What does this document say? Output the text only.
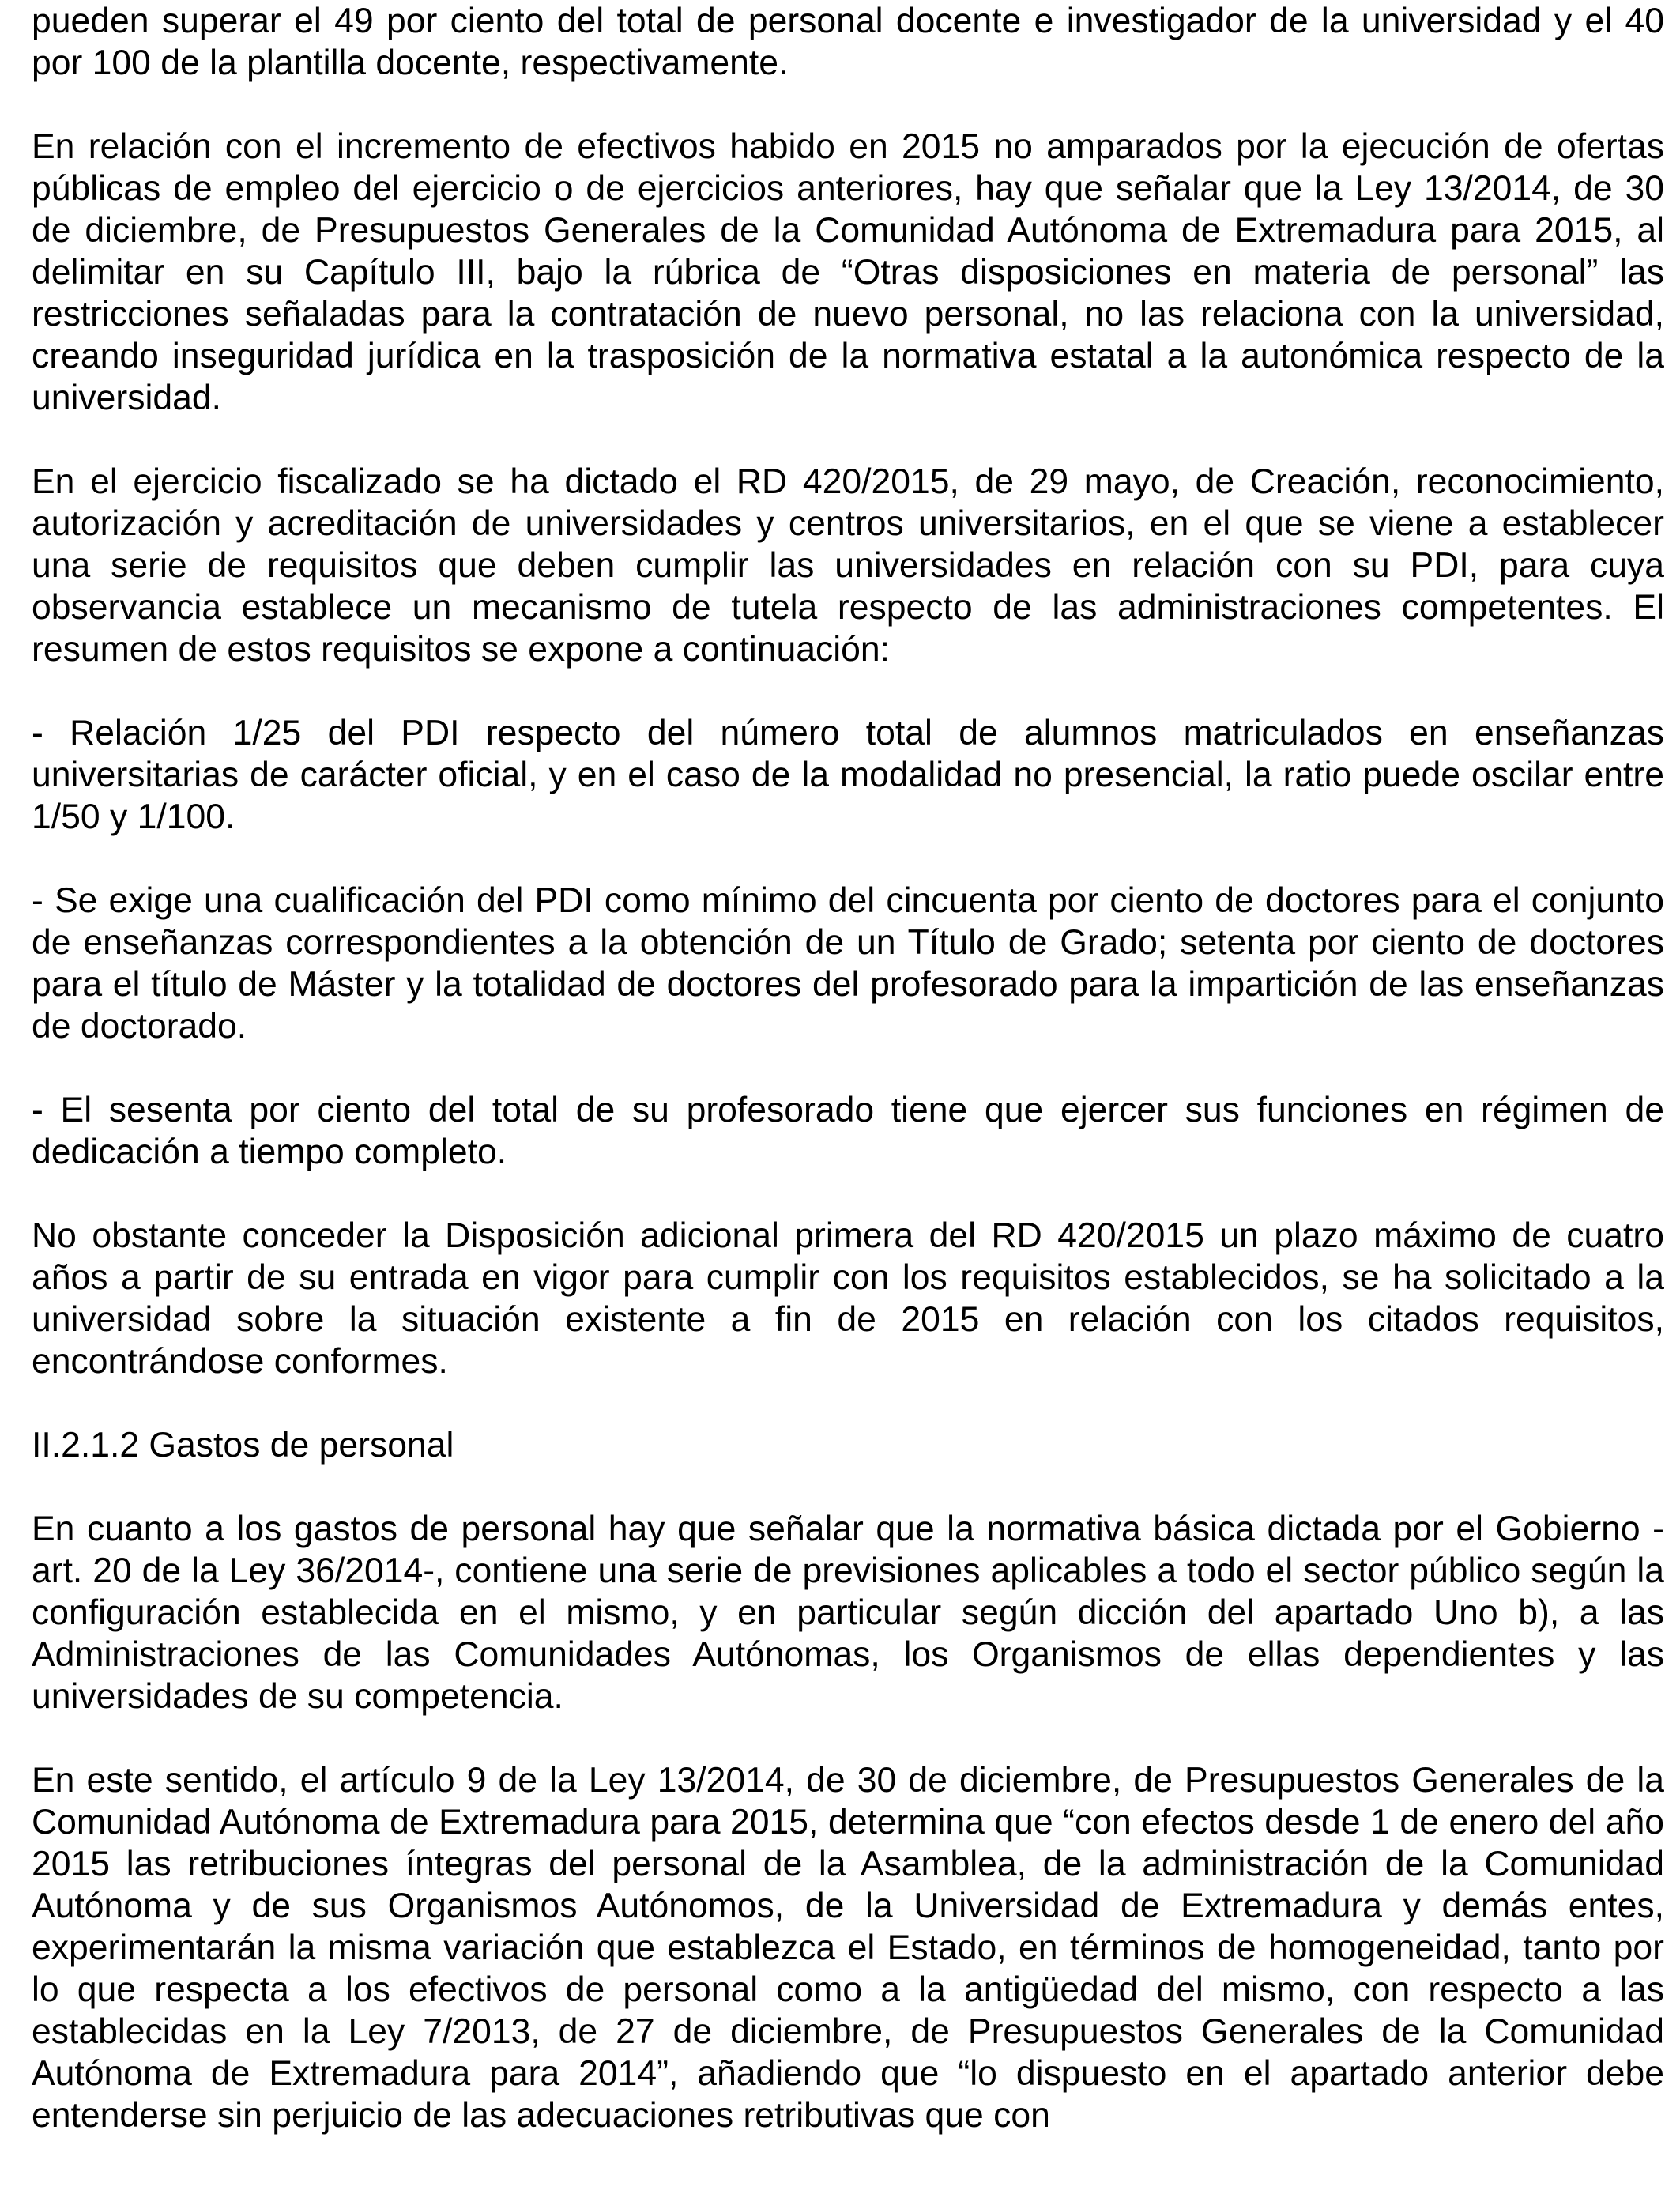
pueden superar el 49 por ciento del total de personal docente e investigador de la universidad y el 40 por 100 de la plantilla docente, respectivamente.

En relación con el incremento de efectivos habido en 2015 no amparados por la ejecución de ofertas públicas de empleo del ejercicio o de ejercicios anteriores, hay que señalar que la Ley 13/2014, de 30 de diciembre, de Presupuestos Generales de la Comunidad Autónoma de Extremadura para 2015, al delimitar en su Capítulo III, bajo la rúbrica de “Otras disposiciones en materia de personal” las restricciones señaladas para la contratación de nuevo personal, no las relaciona con la universidad, creando inseguridad jurídica en la trasposición de la normativa estatal a la autonómica respecto de la universidad.

En el ejercicio fiscalizado se ha dictado el RD 420/2015, de 29 mayo, de Creación, reconocimiento, autorización y acreditación de universidades y centros universitarios, en el que se viene a establecer una serie de requisitos que deben cumplir las universidades en relación con su PDI, para cuya observancia establece un mecanismo de tutela respecto de las administraciones competentes. El resumen de estos requisitos se expone a continuación:

- Relación 1/25 del PDI respecto del número total de alumnos matriculados en enseñanzas universitarias de carácter oficial, y en el caso de la modalidad no presencial, la ratio puede oscilar entre 1/50 y 1/100.

- Se exige una cualificación del PDI como mínimo del cincuenta por ciento de doctores para el conjunto de enseñanzas correspondientes a la obtención de un Título de Grado; setenta por ciento de doctores para el título de Máster y la totalidad de doctores del profesorado para la impartición de las enseñanzas de doctorado.

- El sesenta por ciento del total de su profesorado tiene que ejercer sus funciones en régimen de dedicación a tiempo completo.

No obstante conceder la Disposición adicional primera del RD 420/2015 un plazo máximo de cuatro años a partir de su entrada en vigor para cumplir con los requisitos establecidos, se ha solicitado a la universidad sobre la situación existente a fin de 2015 en relación con los citados requisitos, encontrándose conformes.

II.2.1.2 Gastos de personal

En cuanto a los gastos de personal hay que señalar que la normativa básica dictada por el Gobierno -art. 20 de la Ley 36/2014-, contiene una serie de previsiones aplicables a todo el sector público según la configuración establecida en el mismo, y en particular según dicción del apartado Uno b), a las Administraciones de las Comunidades Autónomas, los Organismos de ellas dependientes y las universidades de su competencia.

En este sentido, el artículo 9 de la Ley 13/2014, de 30 de diciembre, de Presupuestos Generales de la Comunidad Autónoma de Extremadura para 2015, determina que “con efectos desde 1 de enero del año 2015 las retribuciones íntegras del personal de la Asamblea, de la administración de la Comunidad Autónoma y de sus Organismos Autónomos, de la Universidad de Extremadura y demás entes, experimentarán la misma variación que establezca el Estado, en términos de homogeneidad, tanto por lo que respecta a los efectivos de personal como a la antigüedad del mismo, con respecto a las establecidas en la Ley 7/2013, de 27 de diciembre, de Presupuestos Generales de la Comunidad Autónoma de Extremadura para 2014”, añadiendo que “lo dispuesto en el apartado anterior debe entenderse sin perjuicio de las adecuaciones retributivas que con
